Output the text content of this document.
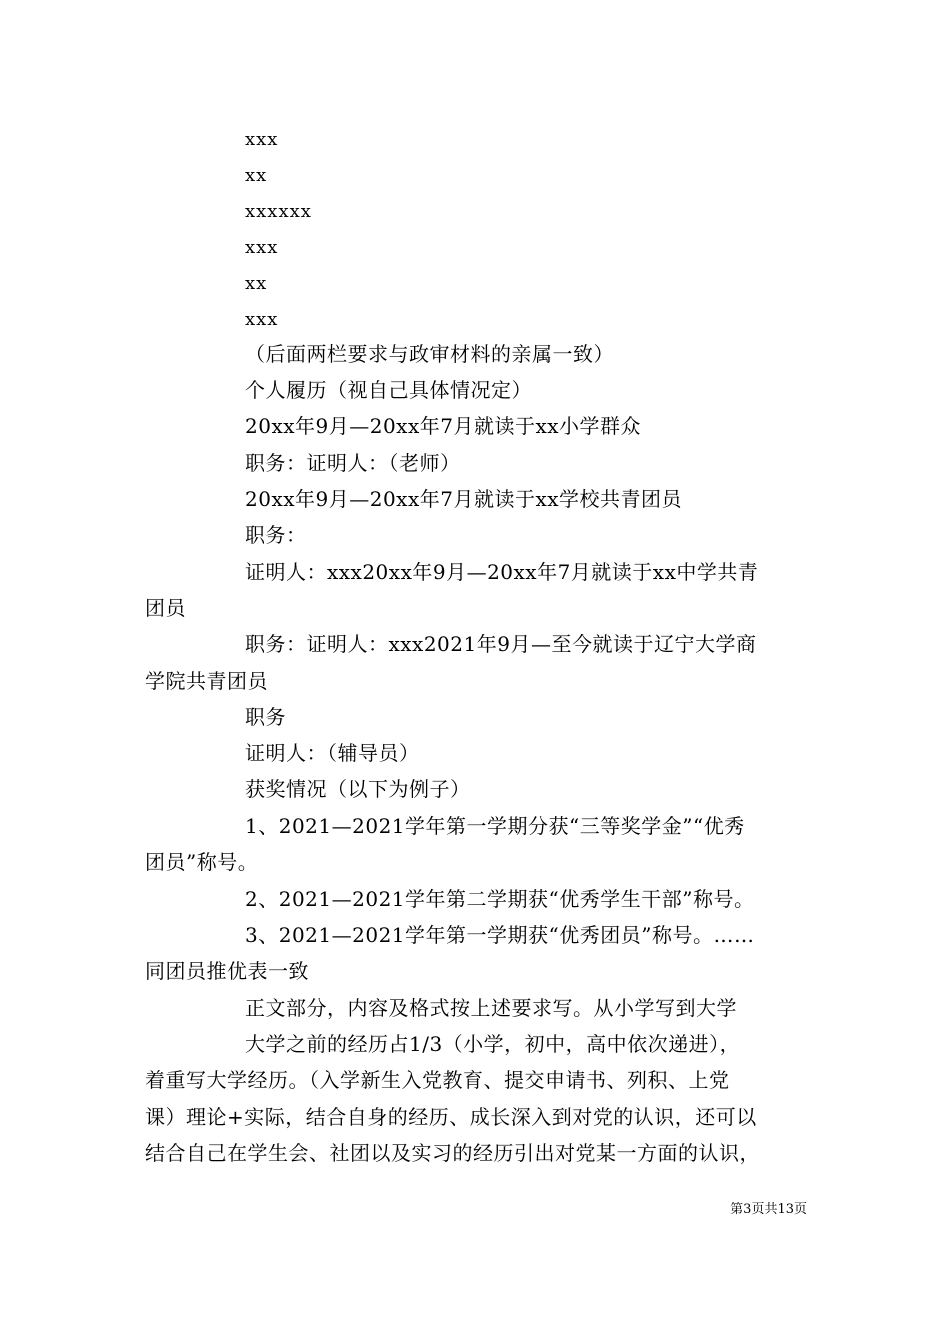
xxx
xx
xxxxxx
xxx
xx
xxx
（后面两栏要求与政审材料的亲属一致）
个人履历（视自己具体情况定）
20xx年9月—20xx年7月就读于xx小学群众
职务：证明人：（老师）
20xx年9月—20xx年7月就读于xx学校共青团员
职务：
证明人：xxx20xx年9月—20xx年7月就读于xx中学共青
团员
职务：证明人：xxx2021年9月—至今就读于辽宁大学商
学院共青团员
职务
证明人：（辅导员）
获奖情况（以下为例子）
1、2021—2021学年第一学期分获“三等奖学金”“优秀
团员”称号。
2、2021—2021学年第二学期获“优秀学生干部”称号。
3、2021—2021学年第一学期获“优秀团员”称号。……
同团员推优表一致
正文部分，内容及格式按上述要求写。从小学写到大学
大学之前的经历占1/3（小学，初中，高中依次递进），
着重写大学经历。（入学新生入党教育、提交申请书、列积、上党
课）理论+实际，结合自身的经历、成长深入到对党的认识，还可以
结合自己在学生会、社团以及实习的经历引出对党某一方面的认识，
第3页共13页
